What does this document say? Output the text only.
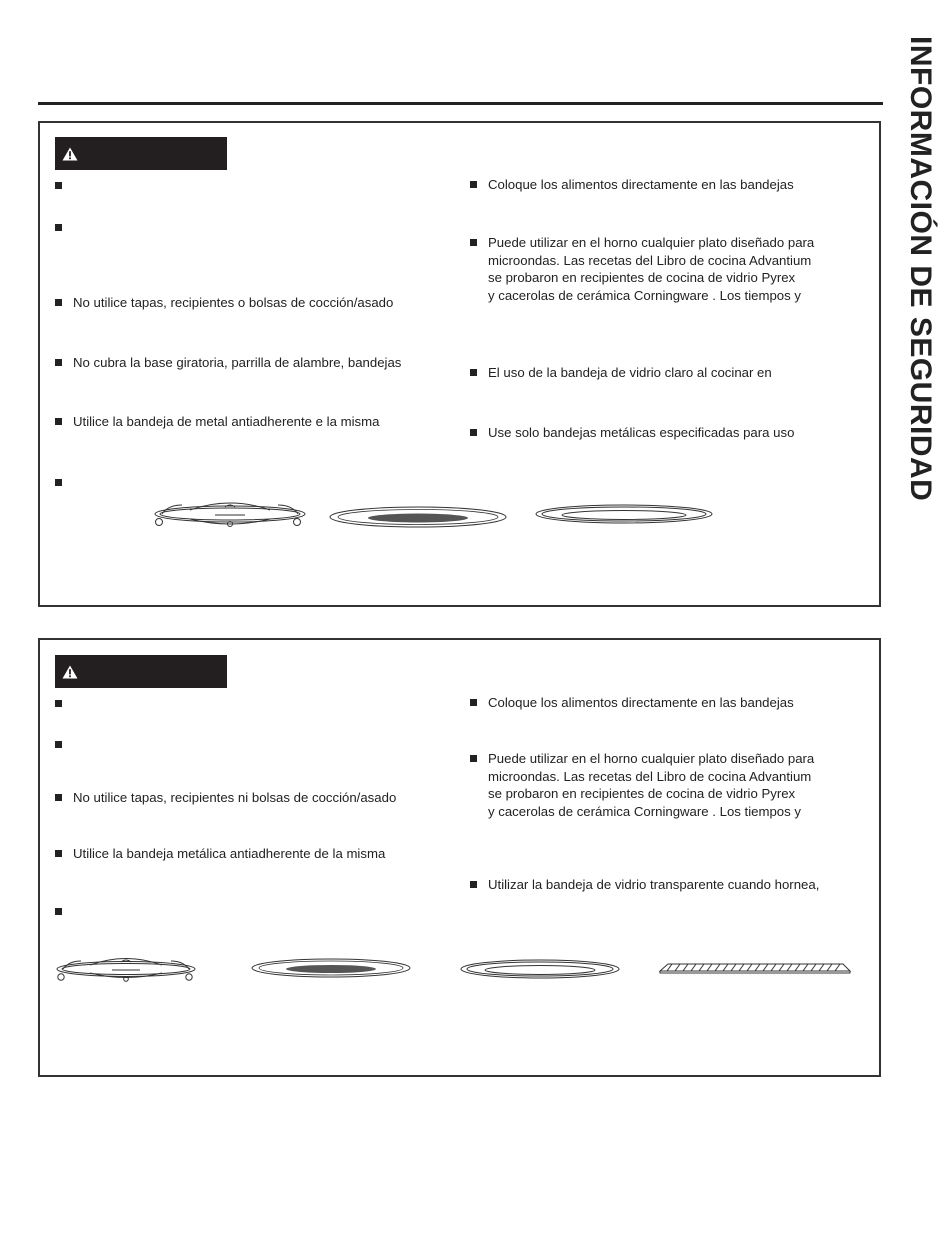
INFORMACIÓN DE SEGURIDAD
No utilice tapas, recipientes o bolsas de cocción/asado
No cubra la base giratoria, parrilla de alambre, bandejas
Utilice la bandeja de metal antiadherente e la misma
Coloque los alimentos directamente en las bandejas
Puede utilizar en el horno cualquier plato diseñado para
microondas. Las recetas del Libro de cocina Advantium
se probaron en recipientes de cocina de vidrio Pyrex
y cacerolas de cerámica Corningware . Los tiempos y
El uso de la bandeja de vidrio claro al cocinar en
Use solo bandejas metálicas especificadas para uso
No utilice tapas, recipientes ni bolsas de cocción/asado
Utilice la bandeja metálica antiadherente de la misma
Coloque los alimentos directamente en las bandejas
Puede utilizar en el horno cualquier plato diseñado para
microondas. Las recetas del Libro de cocina Advantium
se probaron en recipientes de cocina de vidrio Pyrex
y cacerolas de cerámica Corningware . Los tiempos y
Utilizar la bandeja de vidrio transparente cuando hornea,
